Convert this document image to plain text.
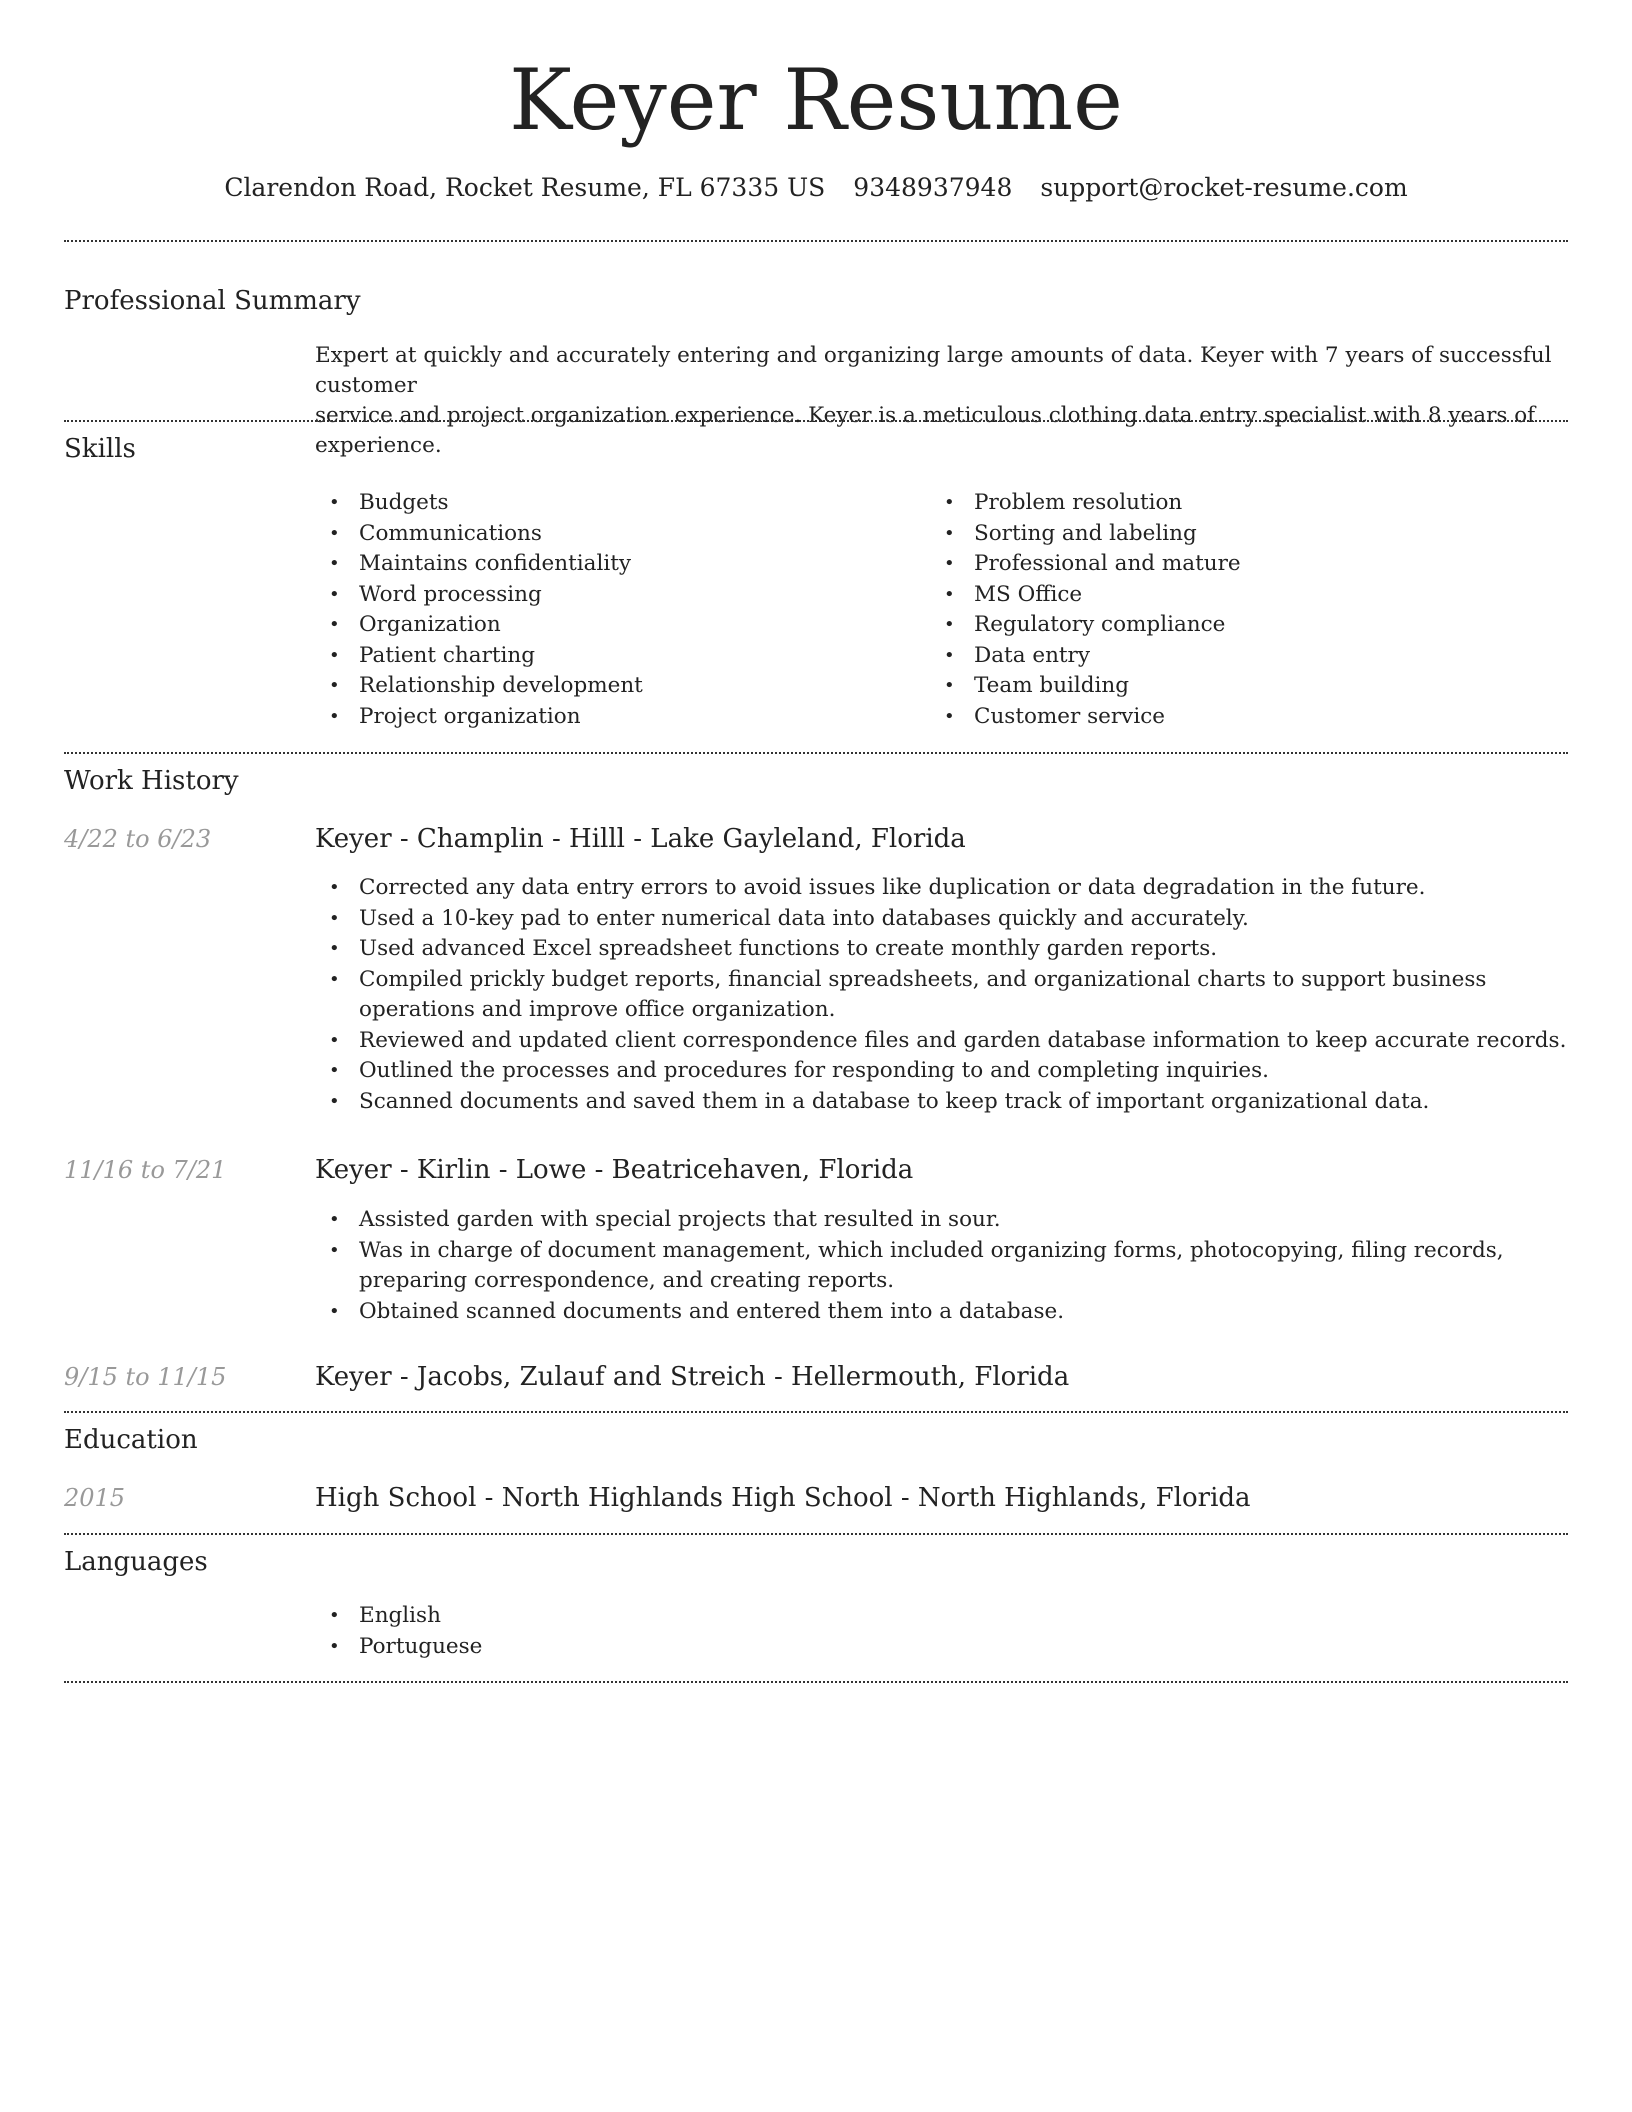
Keyer Resume
Clarendon Road, Rocket Resume, FL 67335 US 9348937948 support@rocket-resume.com
Professional Summary
Expert at quickly and accurately entering and organizing large amounts of data. Keyer with 7 years of successful customer
service and project organization experience. Keyer is a meticulous clothing data entry specialist with 8 years of experience.
Skills
• Budgets
• Communications
• Maintains confidentiality
• Word processing
• Organization
• Patient charting
• Relationship development
• Project organization
• Problem resolution
• Sorting and labeling
• Professional and mature
• MS Office
• Regulatory compliance
• Data entry
• Team building
• Customer service
Work History
4/22 to 6/23	Keyer - Champlin - Hilll - Lake Gayleland, Florida
• Corrected any data entry errors to avoid issues like duplication or data degradation in the future.
• Used a 10-key pad to enter numerical data into databases quickly and accurately.
• Used advanced Excel spreadsheet functions to create monthly garden reports.
• Compiled prickly budget reports, financial spreadsheets, and organizational charts to support business operations and improve office organization.
• Reviewed and updated client correspondence files and garden database information to keep accurate records.
• Outlined the processes and procedures for responding to and completing inquiries.
• Scanned documents and saved them in a database to keep track of important organizational data.
11/16 to 7/21	Keyer - Kirlin - Lowe - Beatricehaven, Florida
• Assisted garden with special projects that resulted in sour.
• Was in charge of document management, which included organizing forms, photocopying, filing records, preparing correspondence, and creating reports.
• Obtained scanned documents and entered them into a database.
9/15 to 11/15	Keyer - Jacobs, Zulauf and Streich - Hellermouth, Florida
Education
2015	High School - North Highlands High School - North Highlands, Florida
Languages
• English
• Portuguese
